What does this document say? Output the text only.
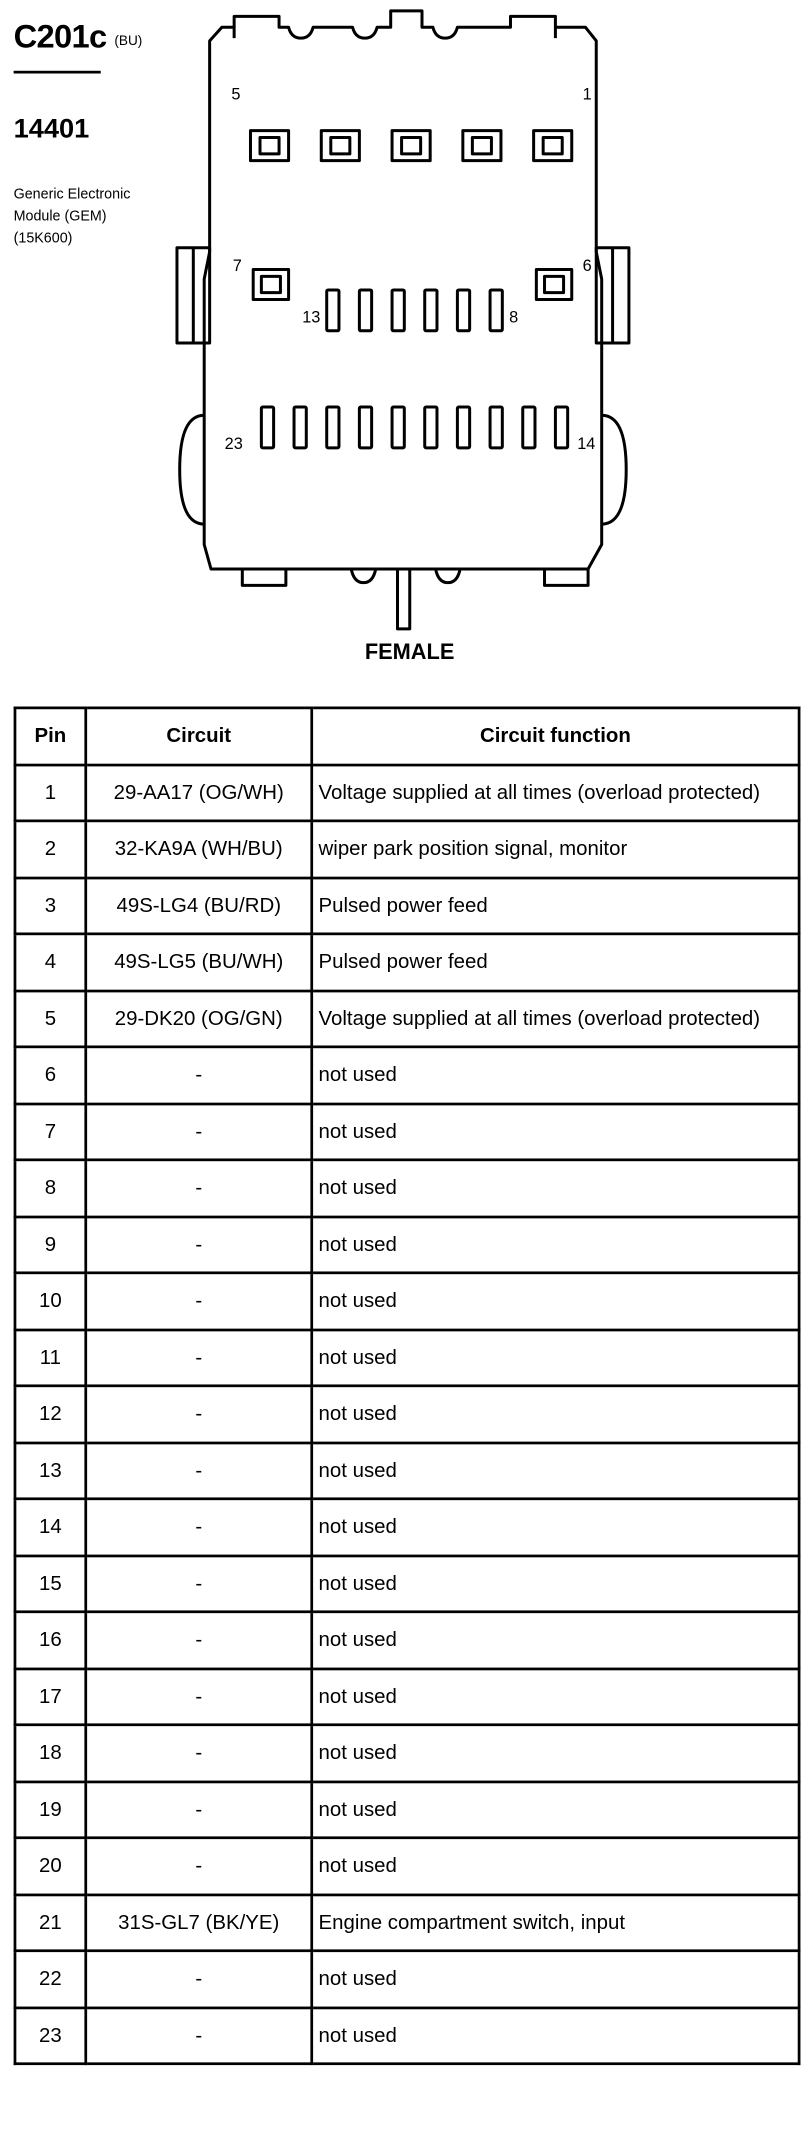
C201c (BU)
14401
Generic Electronic
Module (GEM)
(15K600)
5	1
7	6
13	8
23	14
FEMALE
Pin	Circuit	Circuit function
1	29-AA17 (OG/WH)	Voltage supplied at all times (overload protected)
2	32-KA9A (WH/BU)	wiper park position signal, monitor
3	49S-LG4 (BU/RD)	Pulsed power feed
4	49S-LG5 (BU/WH)	Pulsed power feed
5	29-DK20 (OG/GN)	Voltage supplied at all times (overload protected)
6	-	not used
7	-	not used
8	-	not used
9	-	not used
10	-	not used
11	-	not used
12	-	not used
13	-	not used
14	-	not used
15	-	not used
16	-	not used
17	-	not used
18	-	not used
19	-	not used
20	-	not used
21	31S-GL7 (BK/YE)	Engine compartment switch, input
22	-	not used
23	-	not used
